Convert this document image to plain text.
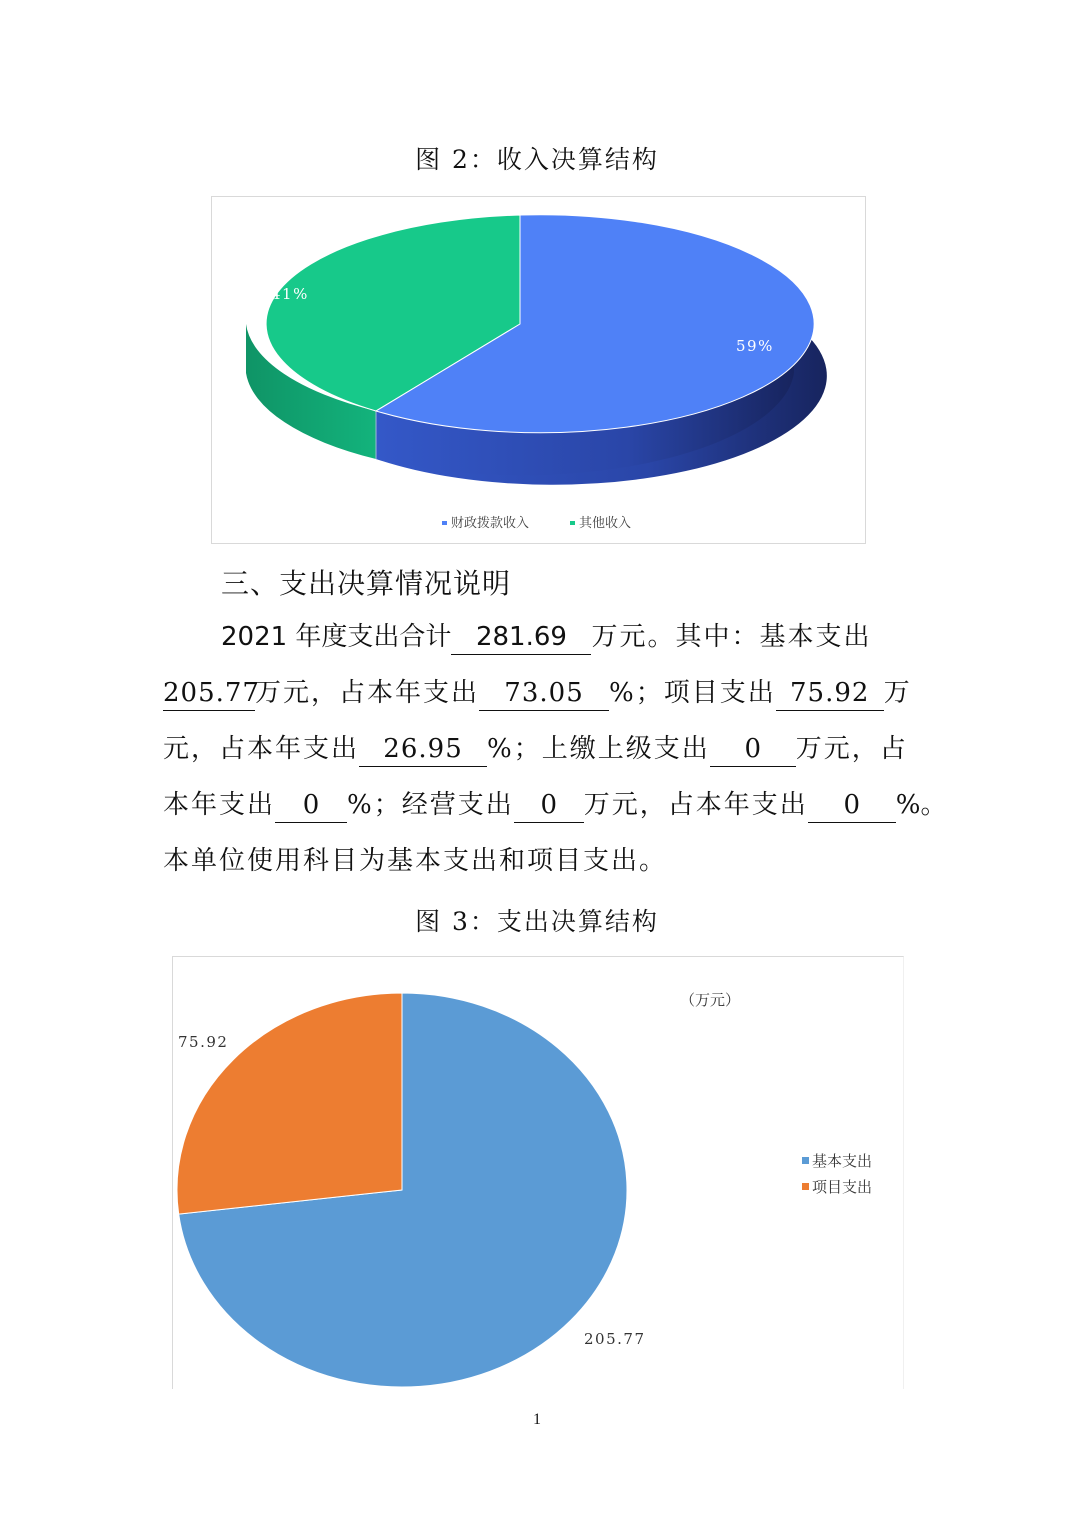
图 2：收入决算结构
59%
41%
财政拨款收入	其他收入
三、支出决算情况说明
2021 年度支出合计 281.69 万元。其中：基本支出
205.77万元，占本年支出 73.05 %；项目支出 75.92 万
元，占本年支出 26.95 %；上缴上级支出 0 万元，占
本年支出 0 %；经营支出 0 万元，占本年支出 0 %。
本单位使用科目为基本支出和项目支出。
图 3：支出决算结构
（万元）
75.92
205.77
基本支出
项目支出
1
